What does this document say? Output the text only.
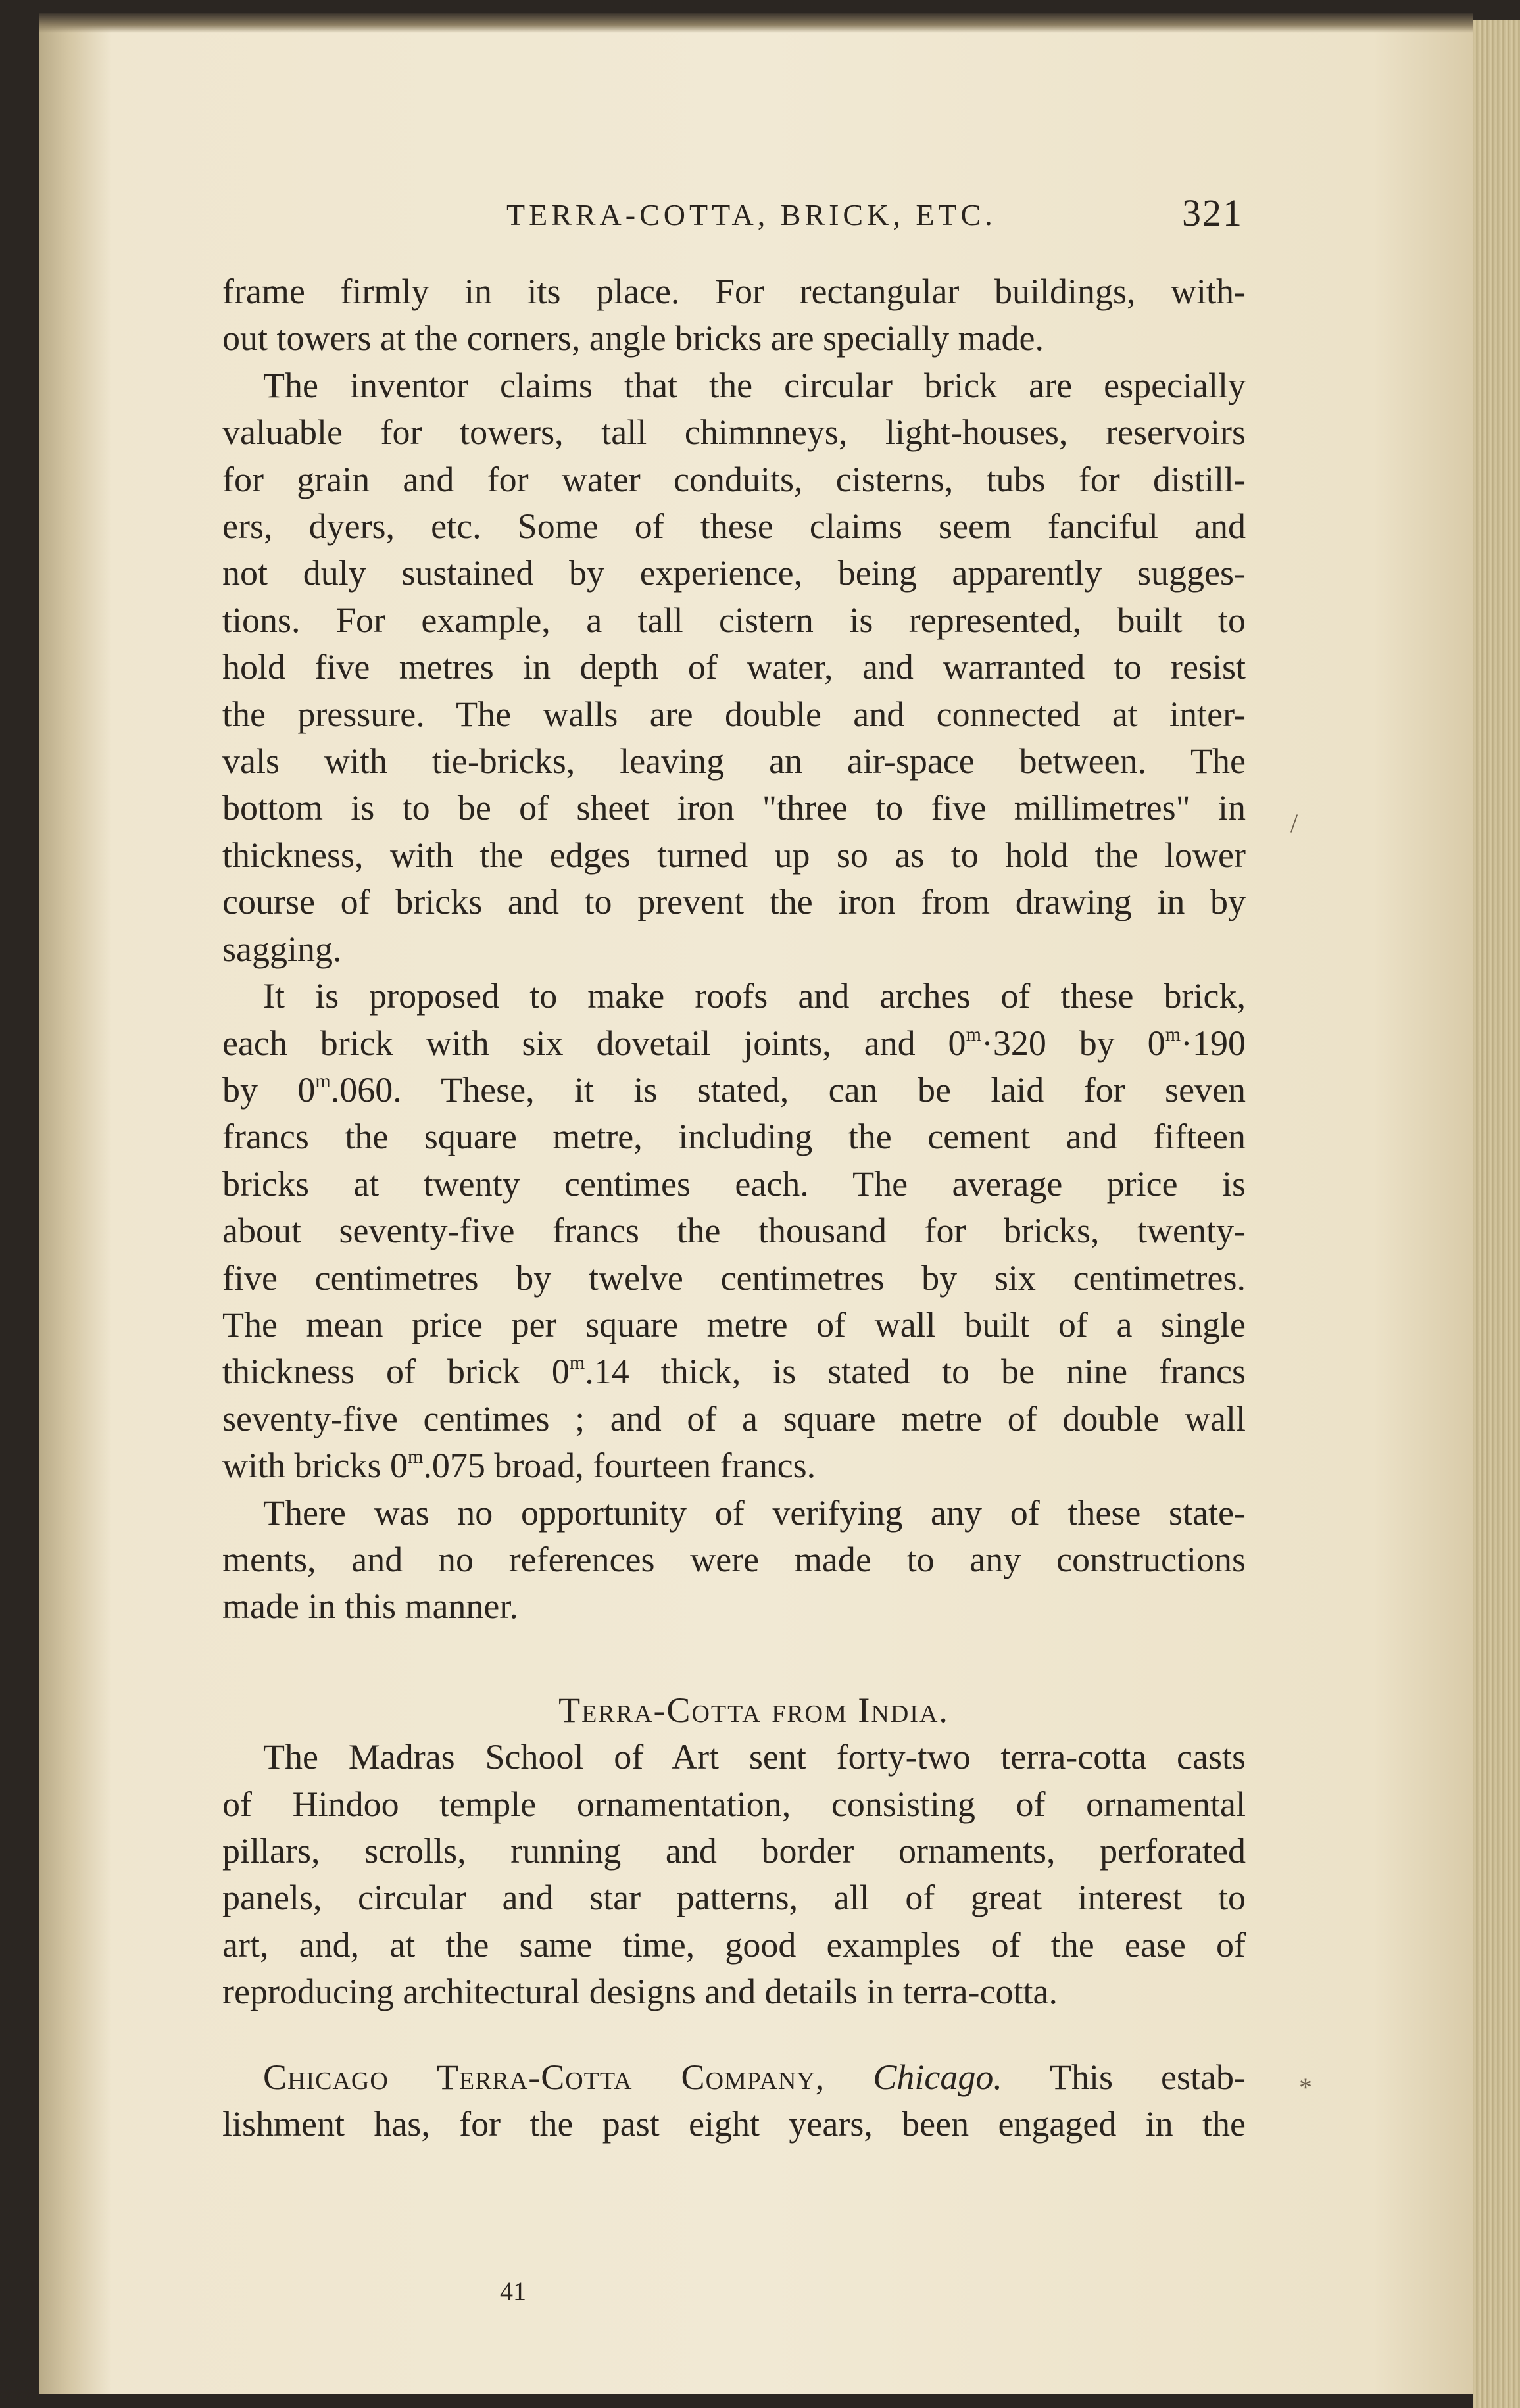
TERRA-COTTA, BRICK, ETC.	321

frame firmly in its place. For rectangular buildings, with-
out towers at the corners, angle bricks are specially made.

The inventor claims that the circular brick are especially
valuable for towers, tall chimnneys, light-houses, reservoirs
for grain and for water conduits, cisterns, tubs for distill-
ers, dyers, etc. Some of these claims seem fanciful and
not duly sustained by experience, being apparently sugges-
tions. For example, a tall cistern is represented, built to
hold five metres in depth of water, and warranted to resist
the pressure. The walls are double and connected at inter-
vals with tie-bricks, leaving an air-space between. The
bottom is to be of sheet iron "three to five millimetres" in
thickness, with the edges turned up so as to hold the lower
course of bricks and to prevent the iron from drawing in by
sagging.

It is proposed to make roofs and arches of these brick,
each brick with six dovetail joints, and $0^m\cdot 320$ by $0^m\cdot 190$
by 0$^m$.060. These, it is stated, can be laid for seven
francs the square metre, including the cement and fifteen
bricks at twenty centimes each. The average price is
about seventy-five francs the thousand for bricks, twenty-
five centimetres by twelve centimetres by six centimetres.
The mean price per square metre of wall built of a single
thickness of brick 0$^m$.14 thick, is stated to be nine francs
seventy-five centimes ; and of a square metre of double wall
with bricks 0$^m$.075 broad, fourteen francs.

There was no opportunity of verifying any of these state-
ments, and no references were made to any constructions
made in this manner.

Terra-Cotta from India.

The Madras School of Art sent forty-two terra-cotta casts
of Hindoo temple ornamentation, consisting of ornamental
pillars, scrolls, running and border ornaments, perforated
panels, circular and star patterns, all of great interest to
art, and, at the same time, good examples of the ease of
reproducing architectural designs and details in terra-cotta.

Chicago Terra-Cotta Company, Chicago. This estab-
lishment has, for the past eight years, been engaged in the

41
/
*
